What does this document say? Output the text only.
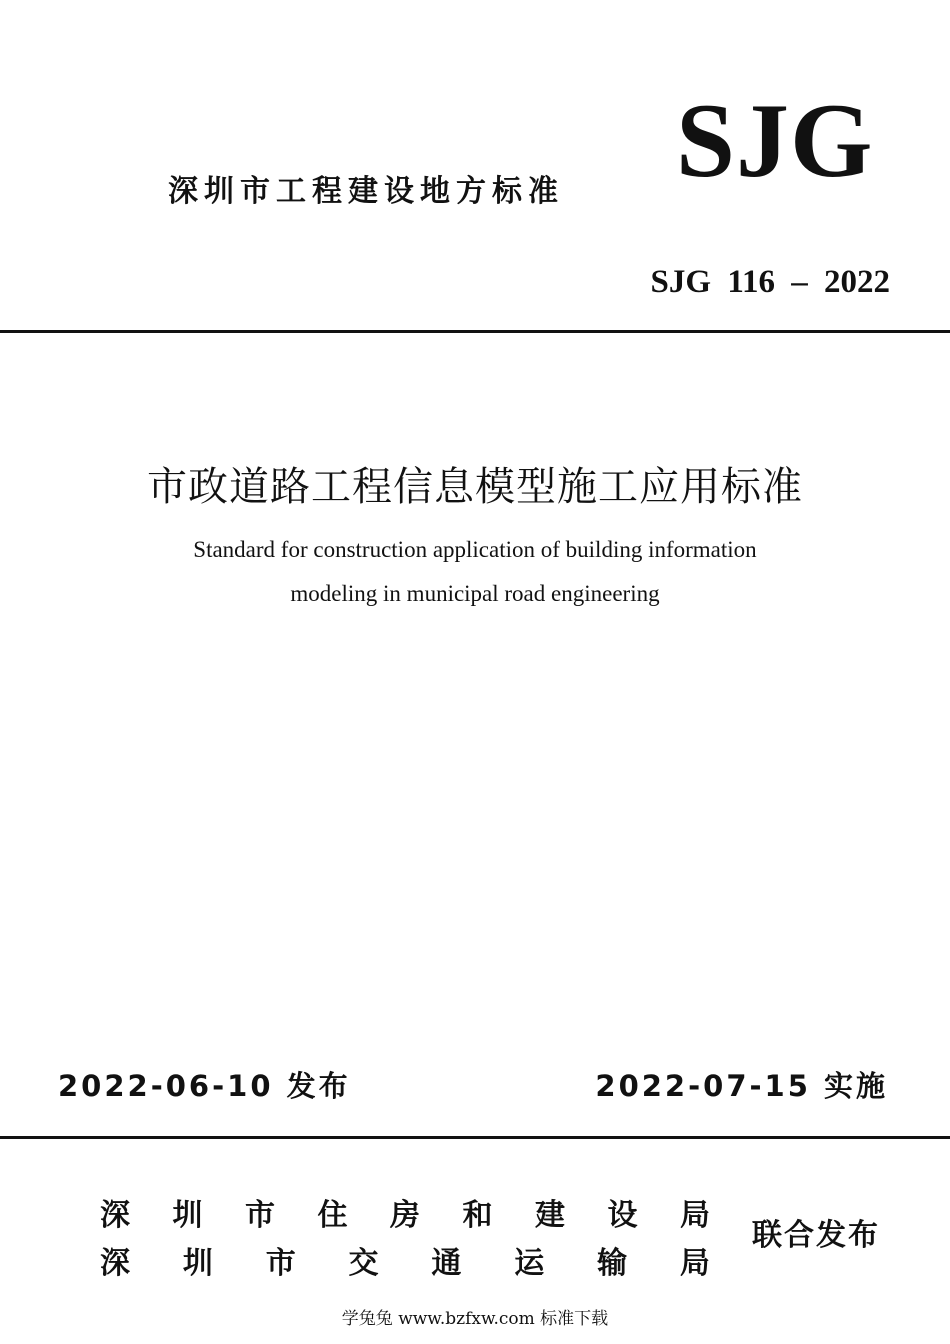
深圳市工程建设地方标准 SJG
SJG 116 – 2022
市政道路工程信息模型施工应用标准
Standard for construction application of building information
modeling in municipal road engineering
2022-06-10 发布	2022-07-15 实施
深 圳 市 住 房 和 建 设 局
深 圳 市 交 通 运 输 局
联合发布
学兔兔 www.bzfxw.com 标准下载
